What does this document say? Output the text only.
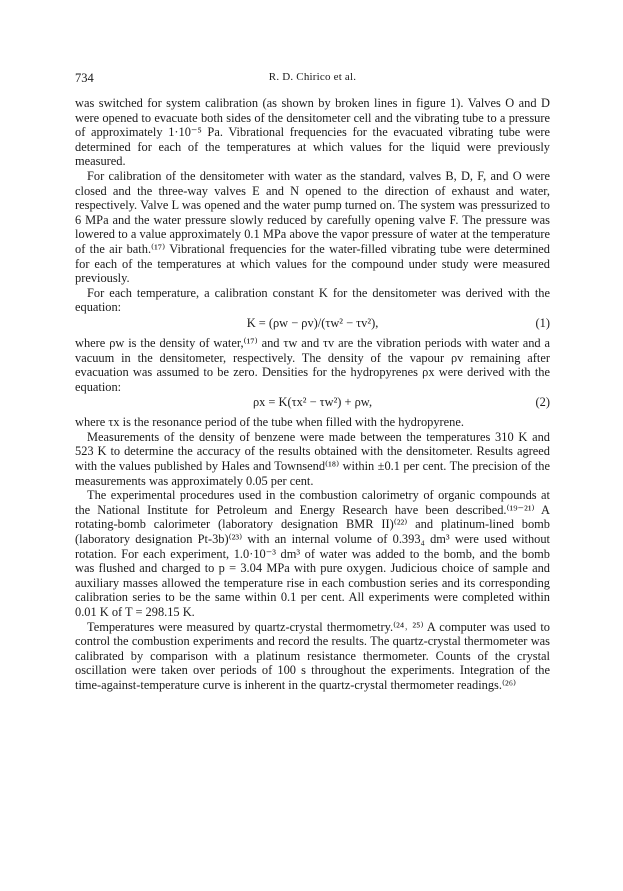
734	R. D. Chirico et al.

was switched for system calibration (as shown by broken lines in figure 1). Valves O and D were opened to evacuate both sides of the densitometer cell and the vibrating tube to a pressure of approximately 1·10⁻⁵ Pa. Vibrational frequencies for the evacuated vibrating tube were determined for each of the temperatures at which values for the liquid were previously measured.

For calibration of the densitometer with water as the standard, valves B, D, F, and O were closed and the three-way valves E and N opened to the direction of exhaust and water, respectively. Valve L was opened and the water pump turned on. The system was pressurized to 6 MPa and the water pressure slowly reduced by carefully opening valve F. The pressure was lowered to a value approximately 0.1 MPa above the vapor pressure of water at the temperature of the air bath.⁽¹⁷⁾ Vibrational frequencies for the water-filled vibrating tube were determined for each of the temperatures at which values for the compound under study were measured previously.

For each temperature, a calibration constant K for the densitometer was derived with the equation:

K = (ρw − ρv)/(τw² − τv²),	(1)

where ρw is the density of water,⁽¹⁷⁾ and τw and τv are the vibration periods with water and a vacuum in the densitometer, respectively. The density of the vapour ρv remaining after evacuation was assumed to be zero. Densities for the hydropyrenes ρx were derived with the equation:

ρx = K(τx² − τw²) + ρw,	(2)

where τx is the resonance period of the tube when filled with the hydropyrene.

Measurements of the density of benzene were made between the temperatures 310 K and 523 K to determine the accuracy of the results obtained with the densitometer. Results agreed with the values published by Hales and Townsend⁽¹⁸⁾ within ±0.1 per cent. The precision of the measurements was approximately 0.05 per cent.

The experimental procedures used in the combustion calorimetry of organic compounds at the National Institute for Petroleum and Energy Research have been described.⁽¹⁹⁻²¹⁾ A rotating-bomb calorimeter (laboratory designation BMR II)⁽²²⁾ and platinum-lined bomb (laboratory designation Pt-3b)⁽²³⁾ with an internal volume of 0.393₄ dm³ were used without rotation. For each experiment, 1.0·10⁻³ dm³ of water was added to the bomb, and the bomb was flushed and charged to p = 3.04 MPa with pure oxygen. Judicious choice of sample and auxiliary masses allowed the temperature rise in each combustion series and its corresponding calibration series to be the same within 0.1 per cent. All experiments were completed within 0.01 K of T = 298.15 K.

Temperatures were measured by quartz-crystal thermometry.⁽²⁴˒ ²⁵⁾ A computer was used to control the combustion experiments and record the results. The quartz-crystal thermometer was calibrated by comparison with a platinum resistance thermometer. Counts of the crystal oscillation were taken over periods of 100 s throughout the experiments. Integration of the time-against-temperature curve is inherent in the quartz-crystal thermometer readings.⁽²⁶⁾
